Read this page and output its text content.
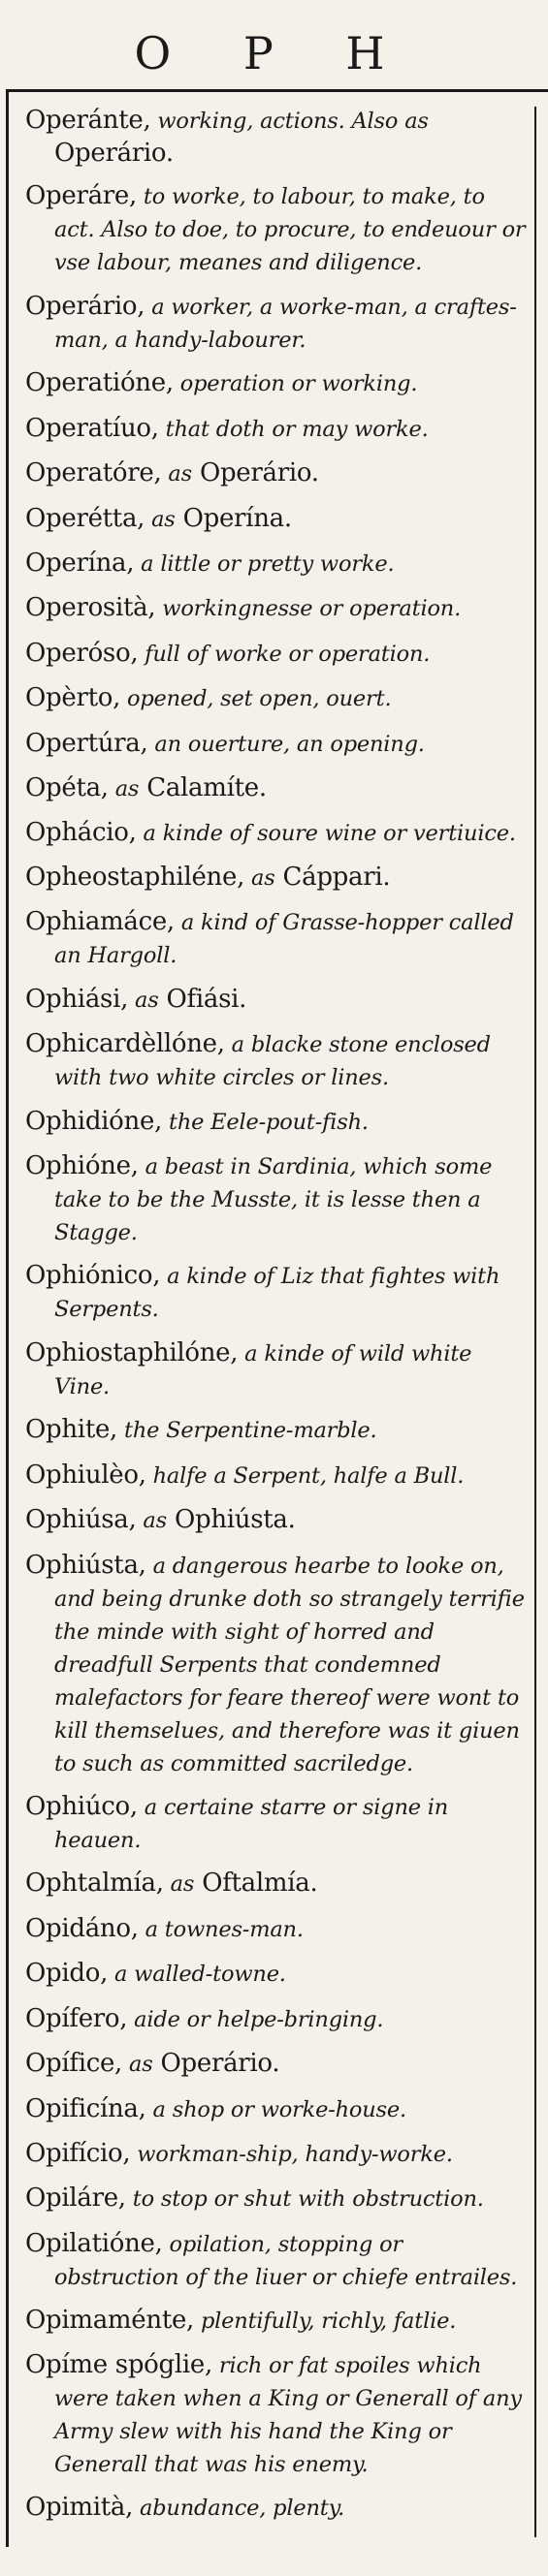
O P H
Operánte, working, actions. Also as Operário.
Operáre, to worke, to labour, to make, to act. Also to doe, to procure, to endeuour or vse labour, meanes and diligence.
Operário, a worker, a worke-man, a craftes-man, a handy-labourer.
Operatióne, operation or working.
Operatíuo, that doth or may worke.
Operatóre, as Operário.
Operétta, as Operína.
Operína, a little or pretty worke.
Operosità, workingnesse or operation.
Operóso, full of worke or operation.
Opèrto, opened, set open, ouert.
Opertúra, an ouerture, an opening.
Opéta, as Calamíte.
Ophácio, a kinde of soure wine or vertiuice.
Opheostaphiléne, as Cáppari.
Ophiamáce, a kind of Grasse-hopper called an Hargoll.
Ophiási, as Ofiási.
Ophicardèllóne, a blacke stone enclosed with two white circles or lines.
Ophidióne, the Eele-pout-fish.
Ophióne, a beast in Sardinia, which some take to be the Musste, it is lesse then a Stagge.
Ophiónico, a kinde of Liz that fightes with Serpents.
Ophiostaphilóne, a kinde of wild white Vine.
Ophite, the Serpentine-marble.
Ophiulèo, halfe a Serpent, halfe a Bull.
Ophiúsa, as Ophiústa.
Ophiústa, a dangerous hearbe to looke on, and being drunke doth so strangely terrifie the minde with sight of horred and dreadfull Serpents that condemned malefactors for feare thereof were wont to kill themselues, and therefore was it giuen to such as committed sacriledge.
Ophiúco, a certaine starre or signe in heauen.
Ophtalmía, as Oftalmía.
Opidáno, a townes-man.
Opido, a walled-towne.
Opífero, aide or helpe-bringing.
Opífice, as Operário.
Opificína, a shop or worke-house.
Opifício, workman-ship, handy-worke.
Opiláre, to stop or shut with obstruction.
Opilatióne, opilation, stopping or obstruction of the liuer or chiefe entrailes.
Opimaménte, plentifully, richly, fatlie.
Opíme spóglie, rich or fat spoiles which were taken when a King or Generall of any Army slew with his hand the King or Generall that was his enemy.
Opimità, abundance, plenty.
